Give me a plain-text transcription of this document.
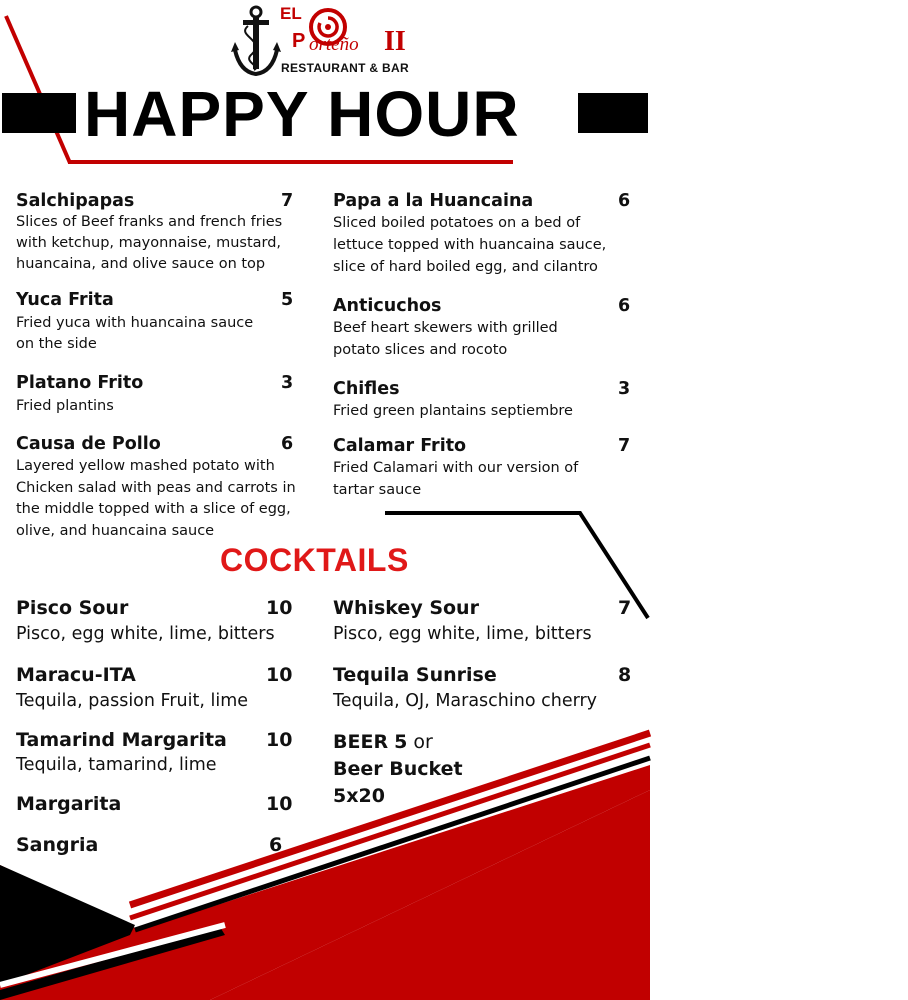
EL
P orteño II
RESTAURANT & BAR
HAPPY HOUR
Salchipapas	7
Slices of Beef franks and french fries
with ketchup, mayonnaise, mustard,
huancaina, and olive sauce on top
Yuca Frita	5
Fried yuca with huancaina sauce
on the side
Platano Frito	3
Fried plantins
Causa de Pollo	6
Layered yellow mashed potato with
Chicken salad with peas and carrots in
the middle topped with a slice of egg,
olive, and huancaina sauce
Papa a la Huancaina	6
Sliced boiled potatoes on a bed of
lettuce topped with huancaina sauce,
slice of hard boiled egg, and cilantro
Anticuchos	6
Beef heart skewers with grilled
potato slices and rocoto
Chifles	3
Fried green plantains septiembre
Calamar Frito	7
Fried Calamari with our version of
tartar sauce
COCKTAILS
Pisco Sour	10
Pisco, egg white, lime, bitters
Maracu-ITA	10
Tequila, passion Fruit, lime
Tamarind Margarita 10
Tequila, tamarind, lime
Margarita	10
Sangria	6
Whiskey Sour	7
Pisco, egg white, lime, bitters
Tequila Sunrise	8
Tequila, OJ, Maraschino cherry
BEER 5 or
Beer Bucket
5x20
